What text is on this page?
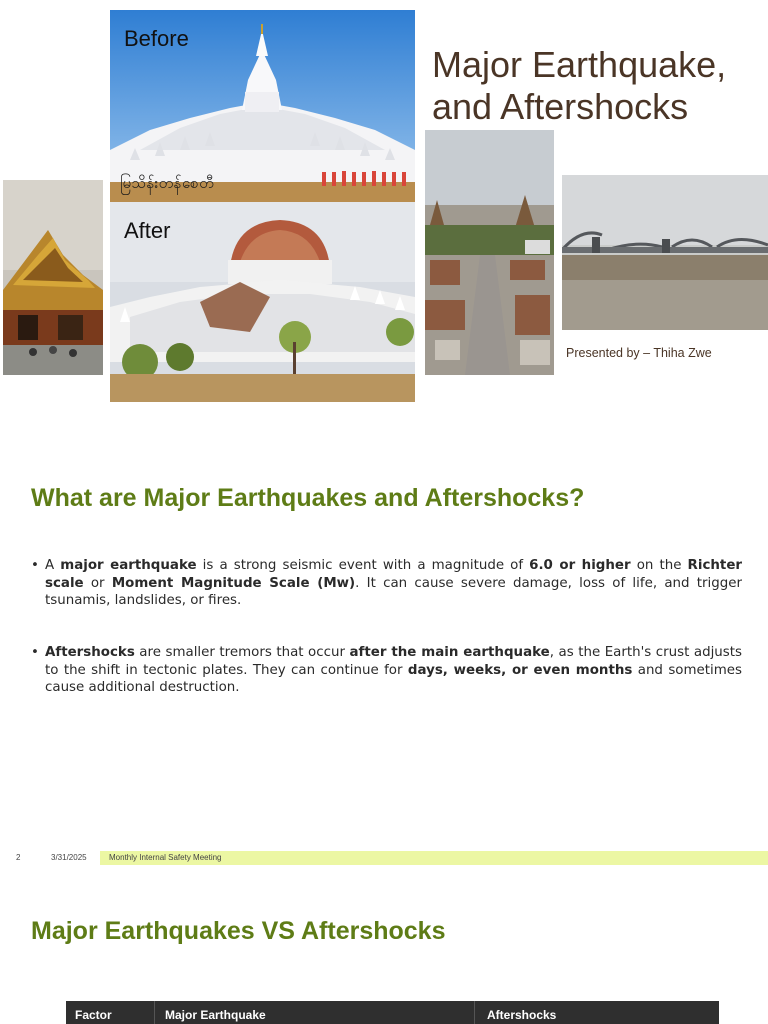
Before
မြသိန်းတန်စေတီ
After
Major Earthquake, and Aftershocks
Presented by – Thiha Zwe
What are Major Earthquakes and Aftershocks?
• A major earthquake is a strong seismic event with a magnitude of 6.0 or higher on the Richter scale or Moment Magnitude Scale (Mw). It can cause severe damage, loss of life, and trigger tsunamis, landslides, or fires.
• Aftershocks are smaller tremors that occur after the main earthquake, as the Earth's crust adjusts to the shift in tectonic plates. They can continue for days, weeks, or even months and sometimes cause additional destruction.
2	3/31/2025	Monthly Internal Safety Meeting
Major Earthquakes VS Aftershocks
Factor	Major Earthquake	Aftershocks
